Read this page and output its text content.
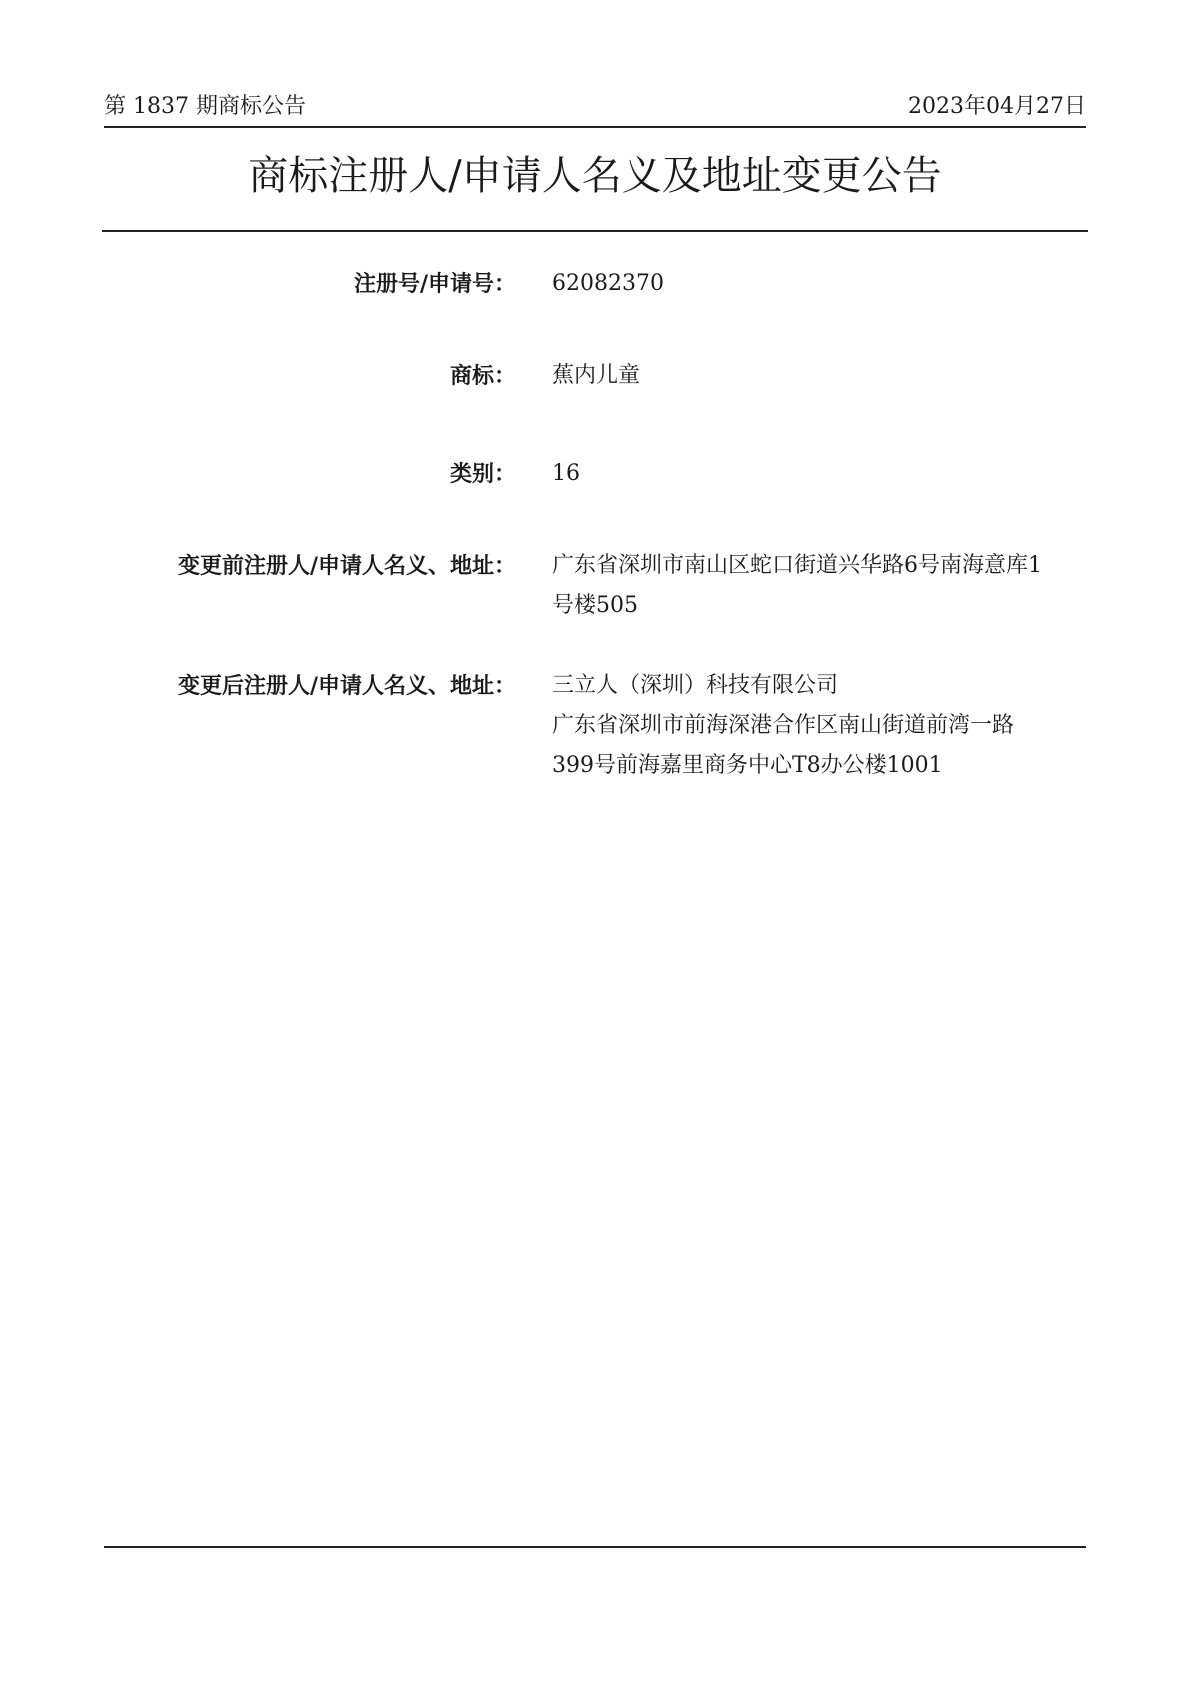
第 1837 期商标公告	2023年04月27日
商标注册人/申请人名义及地址变更公告
注册号/申请号： 62082370
商标： 蕉内儿童
类别： 16
变更前注册人/申请人名义、地址： 广东省深圳市南山区蛇口街道兴华路6号南海意库1
号楼505
变更后注册人/申请人名义、地址： 三立人（深圳）科技有限公司
广东省深圳市前海深港合作区南山街道前湾一路
399号前海嘉里商务中心T8办公楼1001
